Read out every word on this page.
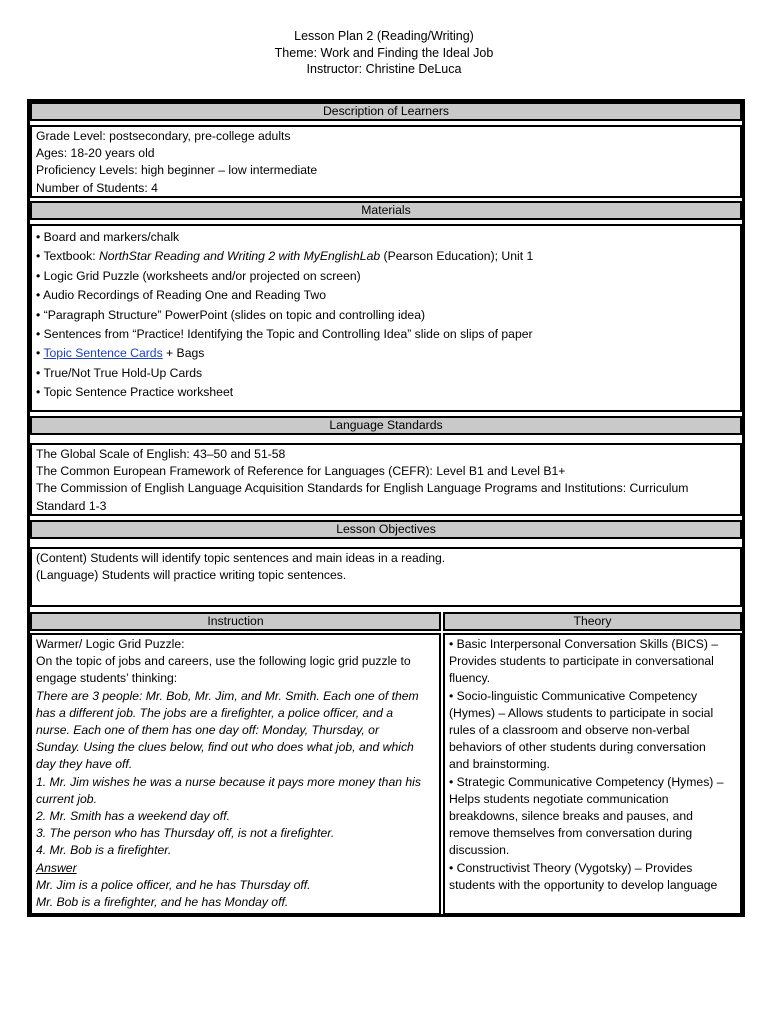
Lesson Plan 2 (Reading/Writing)
Theme: Work and Finding the Ideal Job
Instructor: Christine DeLuca
Description of Learners
Grade Level: postsecondary, pre-college adults
Ages: 18-20 years old
Proficiency Levels: high beginner – low intermediate
Number of Students: 4
Materials
• Board and markers/chalk
• Textbook: NorthStar Reading and Writing 2 with MyEnglishLab (Pearson Education); Unit 1
• Logic Grid Puzzle (worksheets and/or projected on screen)
• Audio Recordings of Reading One and Reading Two
• “Paragraph Structure” PowerPoint (slides on topic and controlling idea)
• Sentences from “Practice! Identifying the Topic and Controlling Idea” slide on slips of paper
• Topic Sentence Cards + Bags
• True/Not True Hold-Up Cards
• Topic Sentence Practice worksheet
Language Standards
The Global Scale of English: 43–50 and 51-58
The Common European Framework of Reference for Languages (CEFR): Level B1 and Level B1+
The Commission of English Language Acquisition Standards for English Language Programs and Institutions: Curriculum
Standard 1-3
Lesson Objectives
(Content) Students will identify topic sentences and main ideas in a reading.
(Language) Students will practice writing topic sentences.
Instruction	Theory
Warmer/ Logic Grid Puzzle:
On the topic of jobs and careers, use the following logic grid puzzle to
engage students’ thinking:
There are 3 people: Mr. Bob, Mr. Jim, and Mr. Smith. Each one of them
has a different job. The jobs are a firefighter, a police officer, and a
nurse. Each one of them has one day off: Monday, Thursday, or
Sunday. Using the clues below, find out who does what job, and which
day they have off.
1. Mr. Jim wishes he was a nurse because it pays more money than his
current job.
2. Mr. Smith has a weekend day off.
3. The person who has Thursday off, is not a firefighter.
4. Mr. Bob is a firefighter.
Answer
Mr. Jim is a police officer, and he has Thursday off.
Mr. Bob is a firefighter, and he has Monday off.
• Basic Interpersonal Conversation Skills (BICS) –
Provides students to participate in conversational
fluency.
• Socio-linguistic Communicative Competency
(Hymes) – Allows students to participate in social
rules of a classroom and observe non-verbal
behaviors of other students during conversation
and brainstorming.
• Strategic Communicative Competency (Hymes) –
Helps students negotiate communication
breakdowns, silence breaks and pauses, and
remove themselves from conversation during
discussion.
• Constructivist Theory (Vygotsky) – Provides
students with the opportunity to develop language
